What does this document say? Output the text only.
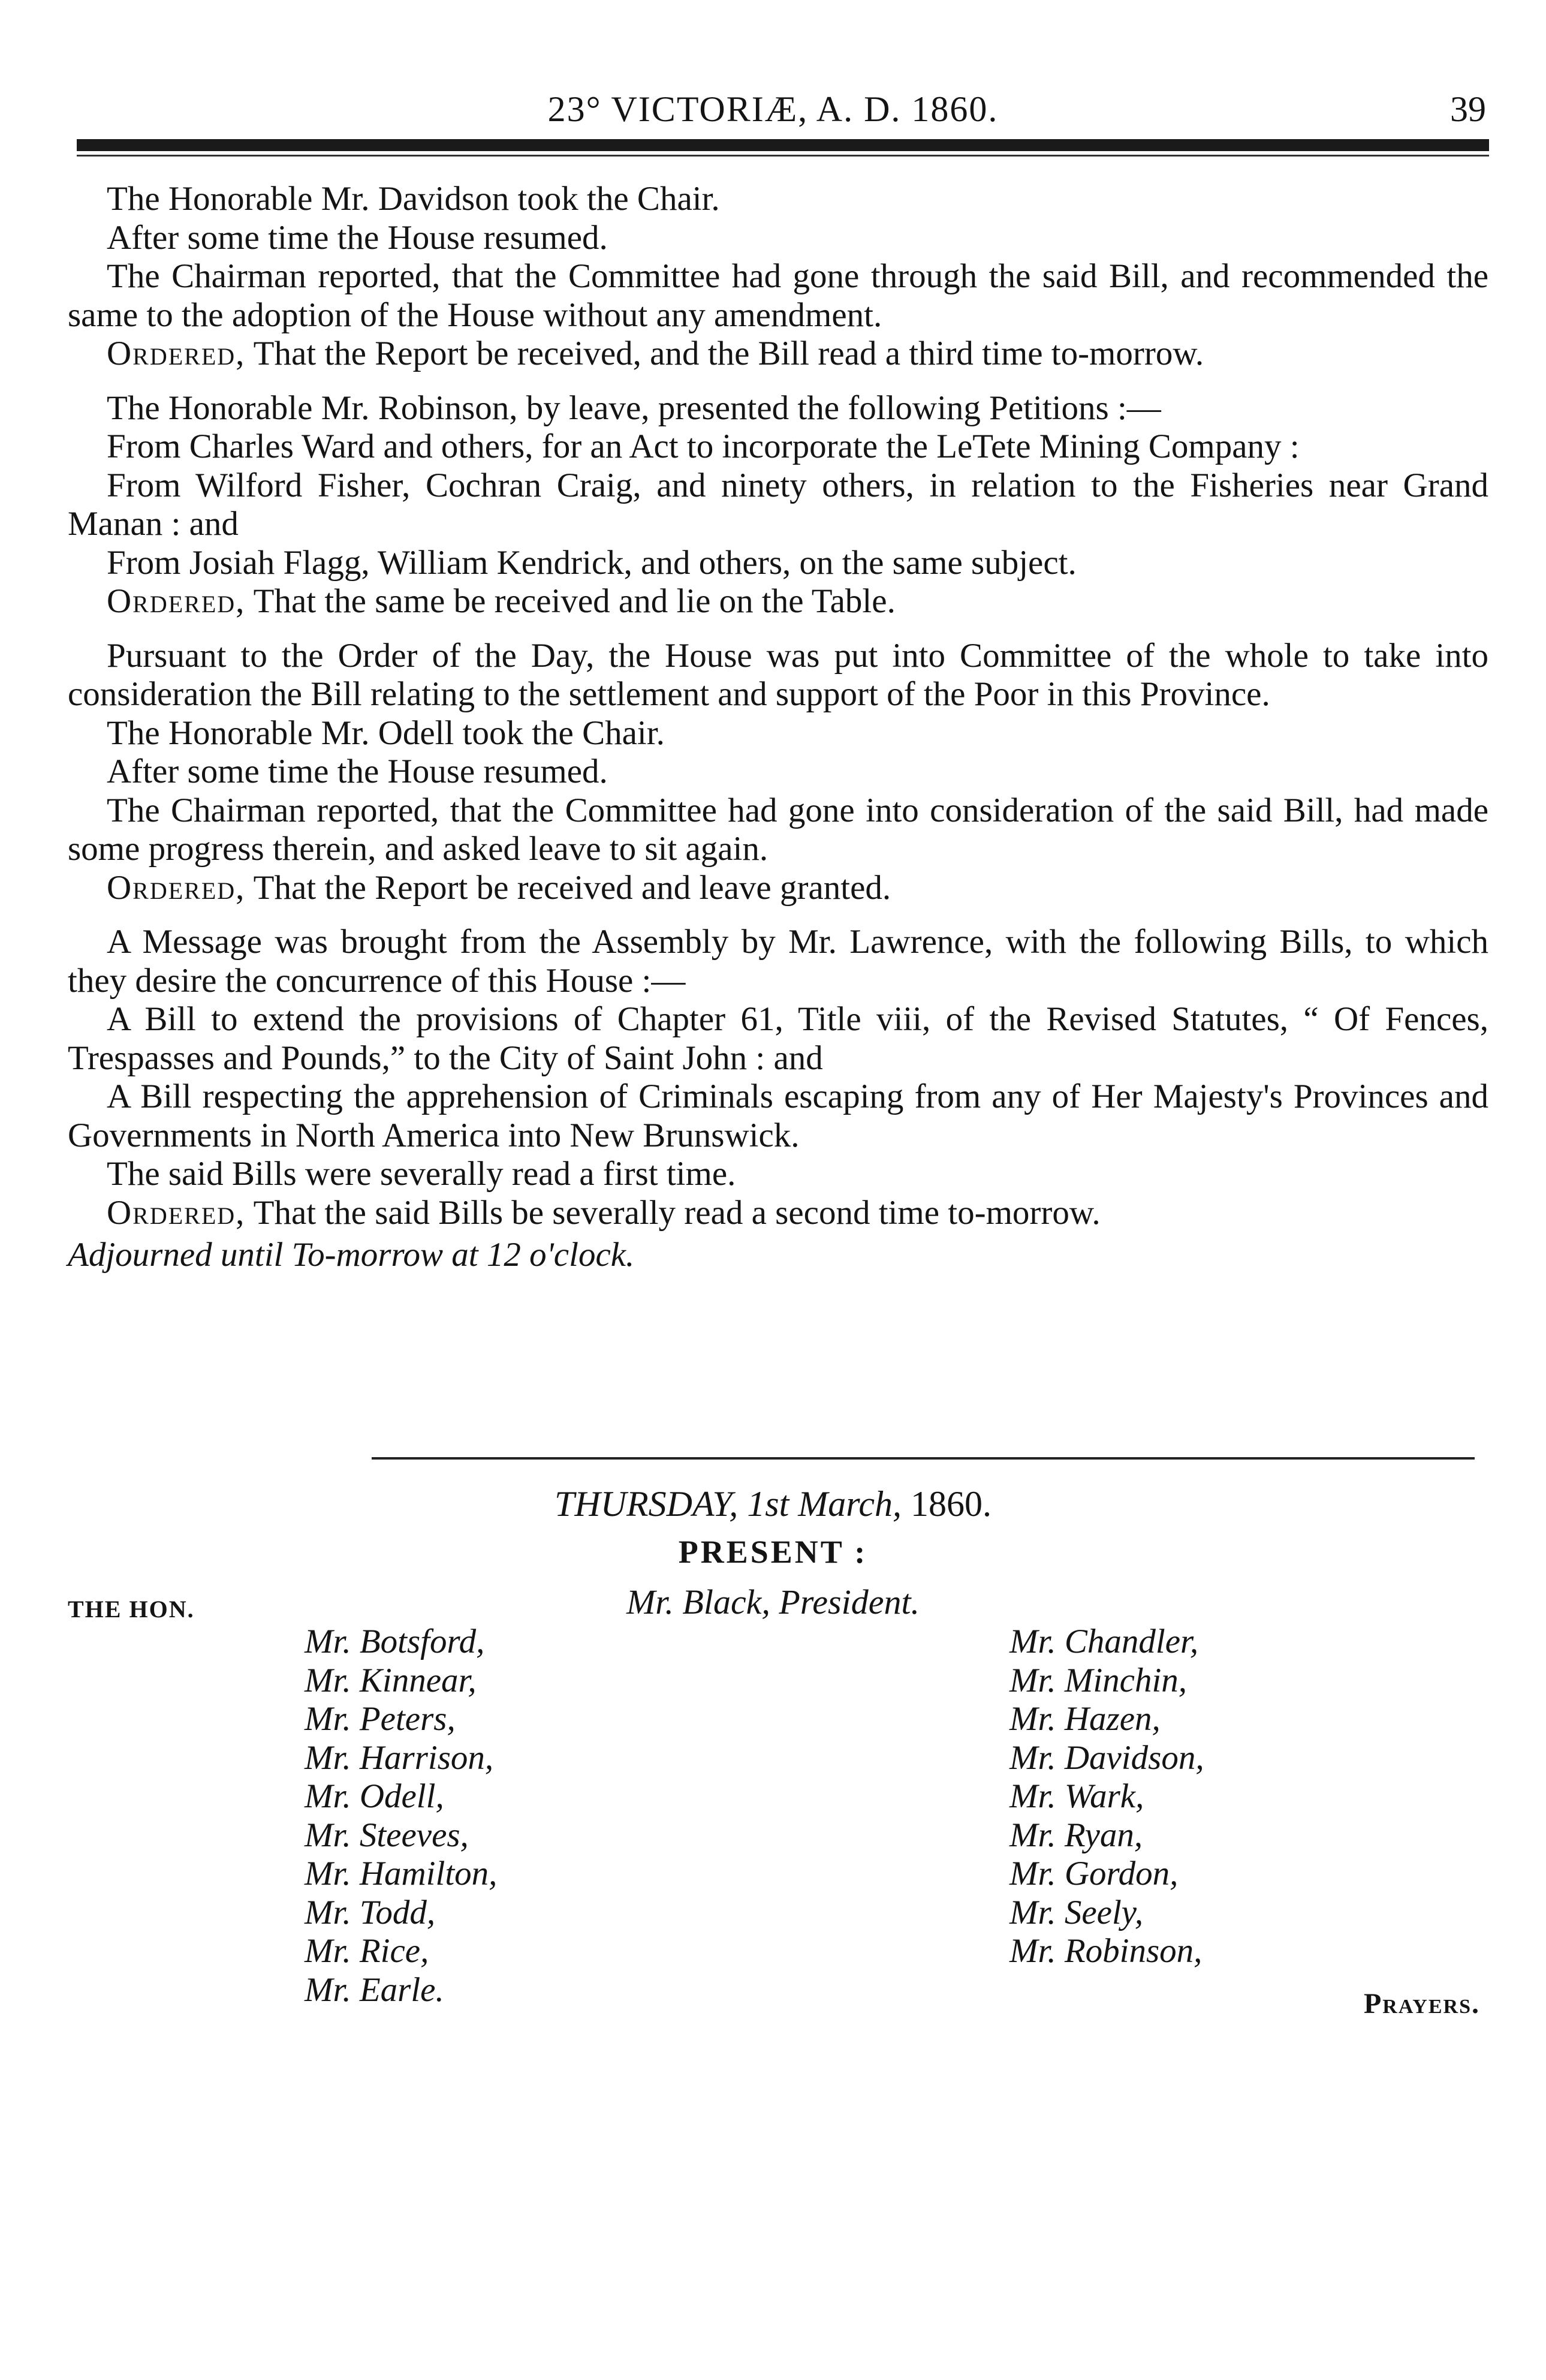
23° VICTORIÆ, A. D. 1860.	39

The Honorable Mr. Davidson took the Chair.

After some time the House resumed.

The Chairman reported, that the Committee had gone through the said Bill, and recommended the same to the adoption of the House without any amendment.

Ordered, That the Report be received, and the Bill read a third time to-morrow.

The Honorable Mr. Robinson, by leave, presented the following Petitions :—

From Charles Ward and others, for an Act to incorporate the LeTete Mining Company :

From Wilford Fisher, Cochran Craig, and ninety others, in relation to the Fisheries near Grand Manan : and

From Josiah Flagg, William Kendrick, and others, on the same subject.

Ordered, That the same be received and lie on the Table.

Pursuant to the Order of the Day, the House was put into Committee of the whole to take into consideration the Bill relating to the settlement and support of the Poor in this Province.

The Honorable Mr. Odell took the Chair.

After some time the House resumed.

The Chairman reported, that the Committee had gone into consideration of the said Bill, had made some progress therein, and asked leave to sit again.

Ordered, That the Report be received and leave granted.

A Message was brought from the Assembly by Mr. Lawrence, with the following Bills, to which they desire the concurrence of this House :—

A Bill to extend the provisions of Chapter 61, Title viii, of the Revised Statutes, “ Of Fences, Trespasses and Pounds,” to the City of Saint John : and

A Bill respecting the apprehension of Criminals escaping from any of Her Majesty's Provinces and Governments in North America into New Brunswick.

The said Bills were severally read a first time.

Ordered, That the said Bills be severally read a second time to-morrow.

Adjourned until To-morrow at 12 o'clock.

THURSDAY, 1st March, 1860.
PRESENT :
THE HON.	Mr. Black, President.
Mr. Botsford,
Mr. Kinnear,
Mr. Peters,
Mr. Harrison,
Mr. Odell,
Mr. Steeves,
Mr. Hamilton,
Mr. Todd,
Mr. Rice,
Mr. Earle.
Mr. Chandler,
Mr. Minchin,
Mr. Hazen,
Mr. Davidson,
Mr. Wark,
Mr. Ryan,
Mr. Gordon,
Mr. Seely,
Mr. Robinson,
Prayers.
